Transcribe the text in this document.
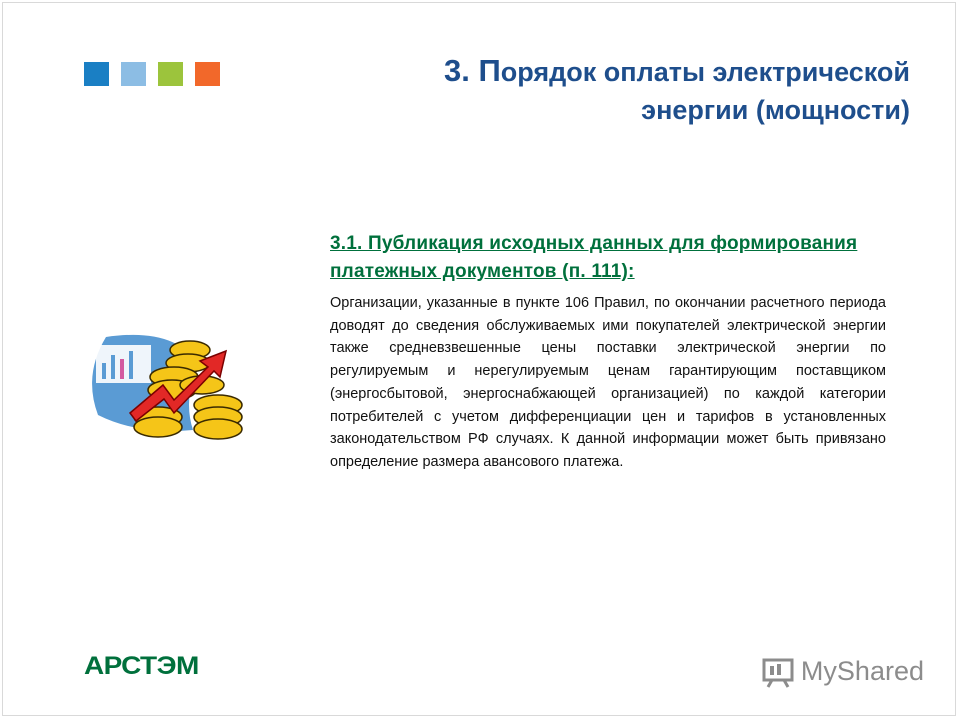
3. Порядок оплаты электрической
энергии (мощности)

3.1. Публикация исходных данных для формирования платежных документов (п. 111):

Организации, указанные в пункте 106 Правил, по окончании расчетного периода доводят до сведения обслуживаемых ими покупателей электрической энергии также средневзвешенные цены поставки электрической энергии по регулируемым и нерегулируемым ценам гарантирующим поставщиком (энергосбытовой, энергоснабжающей организацией) по каждой категории потребителей с учетом дифференциации цен и тарифов в установленных законодательством РФ случаях. К данной информации может быть привязано определение размера авансового платежа.

АРСТЭМ	MyShared
